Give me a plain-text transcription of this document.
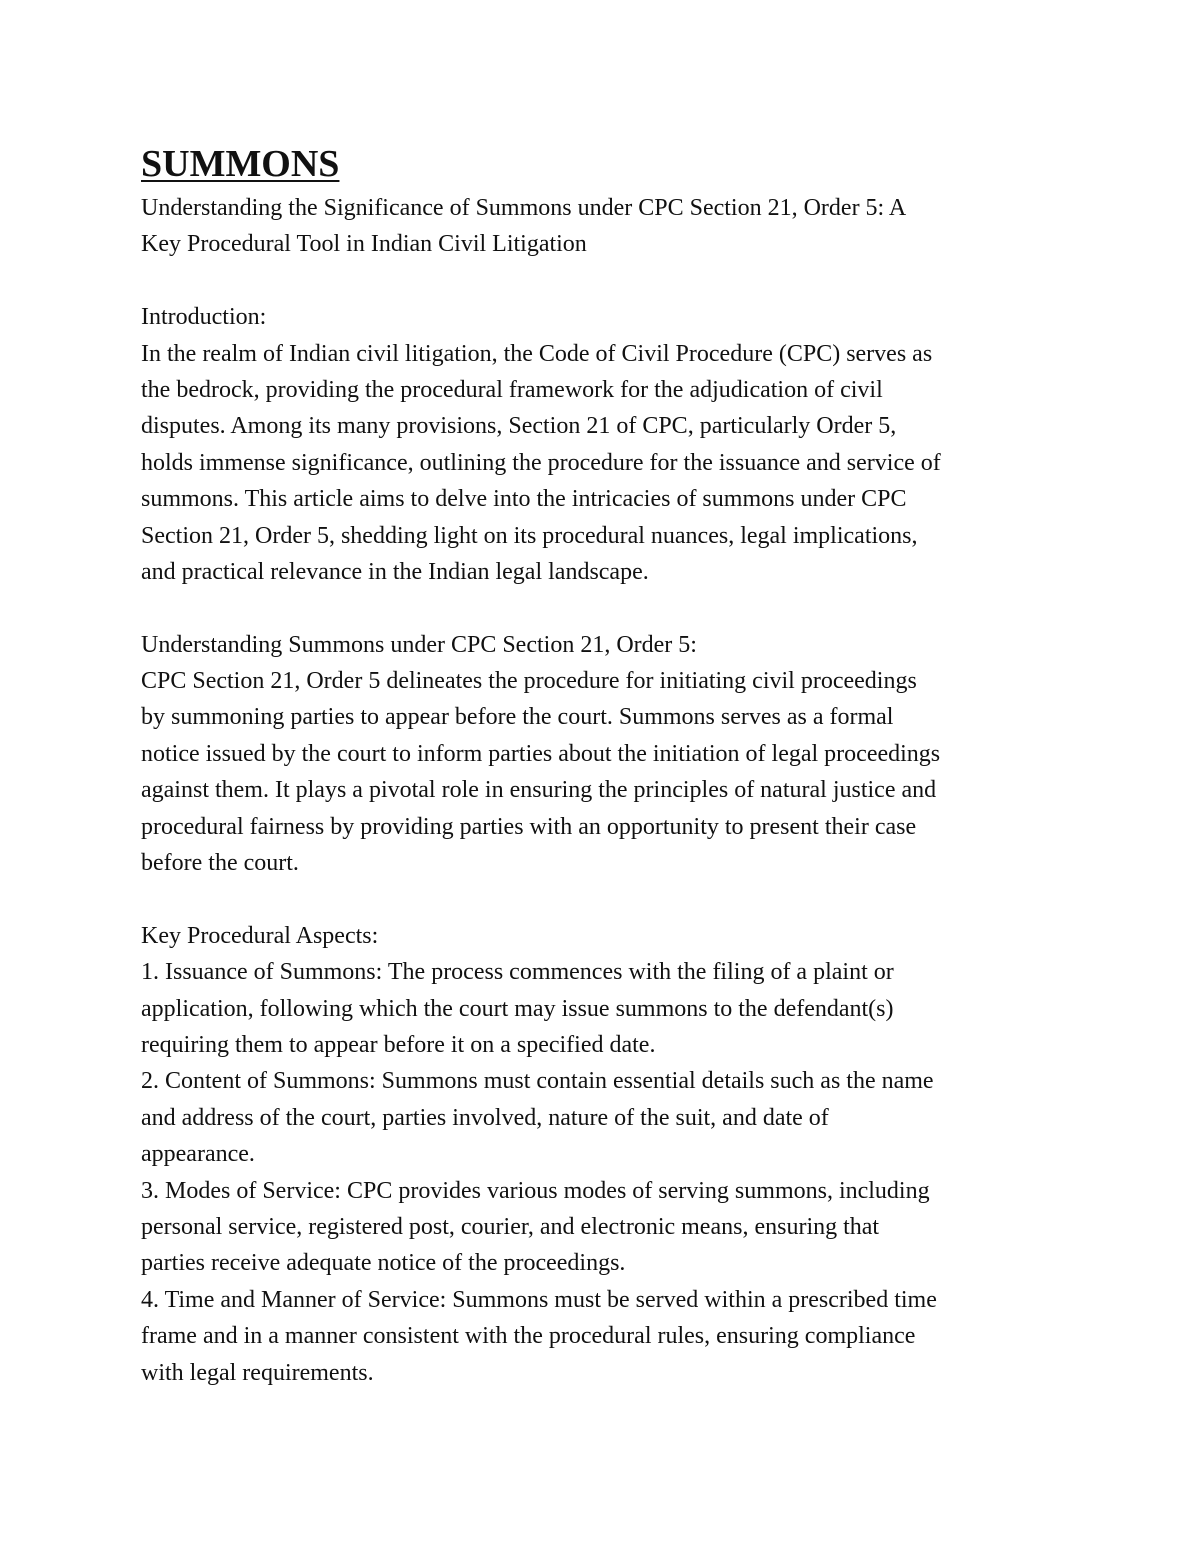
SUMMONS

Understanding the Significance of Summons under CPC Section 21, Order 5: A

Key Procedural Tool in Indian Civil Litigation

Introduction:

In the realm of Indian civil litigation, the Code of Civil Procedure (CPC) serves as

the bedrock, providing the procedural framework for the adjudication of civil

disputes. Among its many provisions, Section 21 of CPC, particularly Order 5,

holds immense significance, outlining the procedure for the issuance and service of

summons. This article aims to delve into the intricacies of summons under CPC

Section 21, Order 5, shedding light on its procedural nuances, legal implications,

and practical relevance in the Indian legal landscape.

Understanding Summons under CPC Section 21, Order 5:

CPC Section 21, Order 5 delineates the procedure for initiating civil proceedings

by summoning parties to appear before the court. Summons serves as a formal

notice issued by the court to inform parties about the initiation of legal proceedings

against them. It plays a pivotal role in ensuring the principles of natural justice and

procedural fairness by providing parties with an opportunity to present their case

before the court.

Key Procedural Aspects:

1. Issuance of Summons: The process commences with the filing of a plaint or

application, following which the court may issue summons to the defendant(s)

requiring them to appear before it on a specified date.

2. Content of Summons: Summons must contain essential details such as the name

and address of the court, parties involved, nature of the suit, and date of

appearance.

3. Modes of Service: CPC provides various modes of serving summons, including

personal service, registered post, courier, and electronic means, ensuring that

parties receive adequate notice of the proceedings.

4. Time and Manner of Service: Summons must be served within a prescribed time

frame and in a manner consistent with the procedural rules, ensuring compliance

with legal requirements.
